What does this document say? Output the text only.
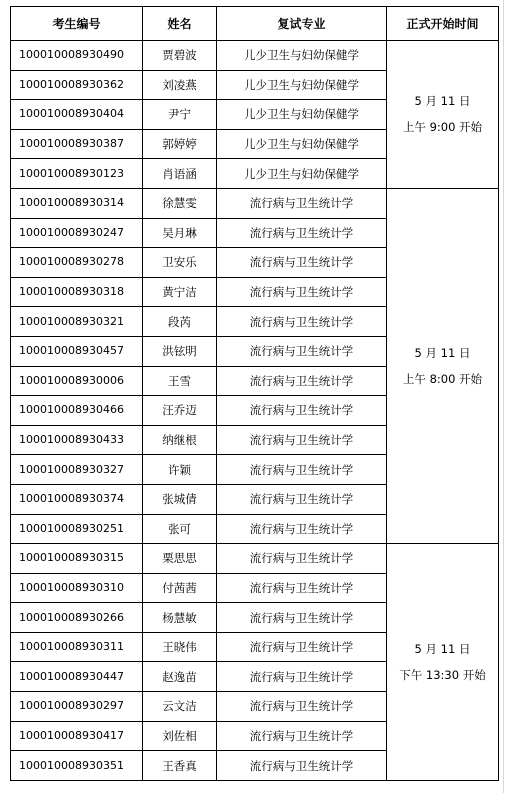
考生编号	姓名	复试专业	正式开始时间
100010008930490	贾碧波	儿少卫生与妇幼保健学	5 月 11 日
上午 9:00 开始

100010008930362	刘凌燕	儿少卫生与妇幼保健学	
100010008930404	尹宁	儿少卫生与妇幼保健学	
100010008930387	郭婷婷	儿少卫生与妇幼保健学	
100010008930123	肖语涵	儿少卫生与妇幼保健学	
100010008930314	徐慧雯	流行病与卫生统计学	5 月 11 日
上午 8:00 开始

100010008930247	吴月琳	流行病与卫生统计学	
100010008930278	卫安乐	流行病与卫生统计学	
100010008930318	黄宁洁	流行病与卫生统计学	
100010008930321	段芮	流行病与卫生统计学	
100010008930457	洪铉明	流行病与卫生统计学	
100010008930006	王雪	流行病与卫生统计学	
100010008930466	汪乔迈	流行病与卫生统计学	
100010008930433	纳继根	流行病与卫生统计学	
100010008930327	许颖	流行病与卫生统计学	
100010008930374	张城倩	流行病与卫生统计学	
100010008930251	张可	流行病与卫生统计学	
100010008930315	栗思思	流行病与卫生统计学	5 月 11 日
下午 13:30 开始

100010008930310	付茜茜	流行病与卫生统计学	
100010008930266	杨慧敏	流行病与卫生统计学	
100010008930311	王晓伟	流行病与卫生统计学	
100010008930447	赵逸苗	流行病与卫生统计学	
100010008930297	云文洁	流行病与卫生统计学	
100010008930417	刘佐相	流行病与卫生统计学	
100010008930351	王香真	流行病与卫生统计学	
